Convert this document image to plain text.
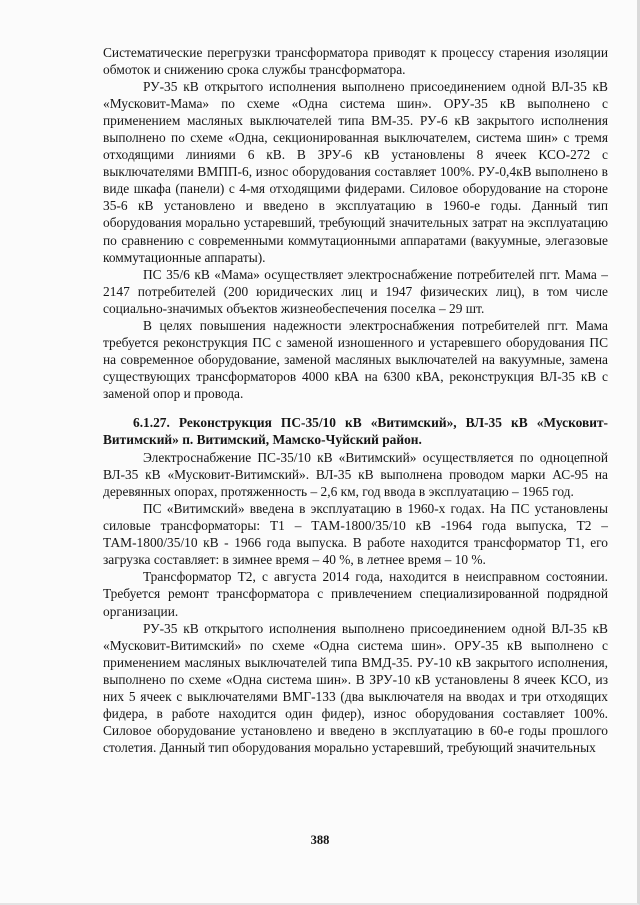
Систематические перегрузки трансформатора приводят к процессу старения изоляции обмоток и снижению срока службы трансформатора.

РУ-35 кВ открытого исполнения выполнено присоединением одной ВЛ-35 кВ «Мусковит-Мама» по схеме «Одна система шин». ОРУ-35 кВ выполнено с применением масляных выключателей типа ВМ-35. РУ-6 кВ закрытого исполнения выполнено по схеме «Одна, секционированная выключателем, система шин» с тремя отходящими линиями 6 кВ. В ЗРУ-6 кВ установлены 8 ячеек КСО-272 с выключателями ВМПП-6, износ оборудования составляет 100%. РУ-0,4кВ выполнено в виде шкафа (панели) с 4-мя отходящими фидерами. Силовое оборудование на стороне 35-6 кВ установлено и введено в эксплуатацию в 1960-е годы. Данный тип оборудования морально устаревший, требующий значительных затрат на эксплуатацию по сравнению с современными коммутационными аппаратами (вакуумные, элегазовые коммутационные аппараты).

ПС 35/6 кВ «Мама» осуществляет электроснабжение потребителей пгт. Мама – 2147 потребителей (200 юридических лиц и 1947 физических лиц), в том числе социально-значимых объектов жизнеобеспечения поселка – 29 шт.

В целях повышения надежности электроснабжения потребителей пгт. Мама требуется реконструкция ПС с заменой изношенного и устаревшего оборудования ПС на современное оборудование, заменой масляных выключателей на вакуумные, замена существующих трансформаторов 4000 кВА на 6300 кВА, реконструкция ВЛ-35 кВ с заменой опор и провода.

6.1.27. Реконструкция ПС-35/10 кВ «Витимский», ВЛ-35 кВ «Мусковит-Витимский» п. Витимский, Мамско-Чуйский район.

Электроснабжение ПС-35/10 кВ «Витимский» осуществляется по одноцепной ВЛ-35 кВ «Мусковит-Витимский». ВЛ-35 кВ выполнена проводом марки АС-95 на деревянных опорах, протяженность – 2,6 км, год ввода в эксплуатацию – 1965 год.

ПС «Витимский» введена в эксплуатацию в 1960-х годах. На ПС установлены силовые трансформаторы: Т1 – ТАМ-1800/35/10 кВ -1964 года выпуска, Т2 – ТАМ-1800/35/10 кВ - 1966 года выпуска. В работе находится трансформатор Т1, его загрузка составляет: в зимнее время – 40 %, в летнее время – 10 %.

Трансформатор Т2, с августа 2014 года, находится в неисправном состоянии. Требуется ремонт трансформатора с привлечением специализированной подрядной организации.

РУ-35 кВ открытого исполнения выполнено присоединением одной ВЛ-35 кВ «Мусковит-Витимский» по схеме «Одна система шин». ОРУ-35 кВ выполнено с применением масляных выключателей типа ВМД-35. РУ-10 кВ закрытого исполнения, выполнено по схеме «Одна система шин». В ЗРУ-10 кВ установлены 8 ячеек КСО, из них 5 ячеек с выключателями ВМГ-133 (два выключателя на вводах и три отходящих фидера, в работе находится один фидер), износ оборудования составляет 100%. Силовое оборудование установлено и введено в эксплуатацию в 60-е годы прошлого столетия. Данный тип оборудования морально устаревший, требующий значительных

388
